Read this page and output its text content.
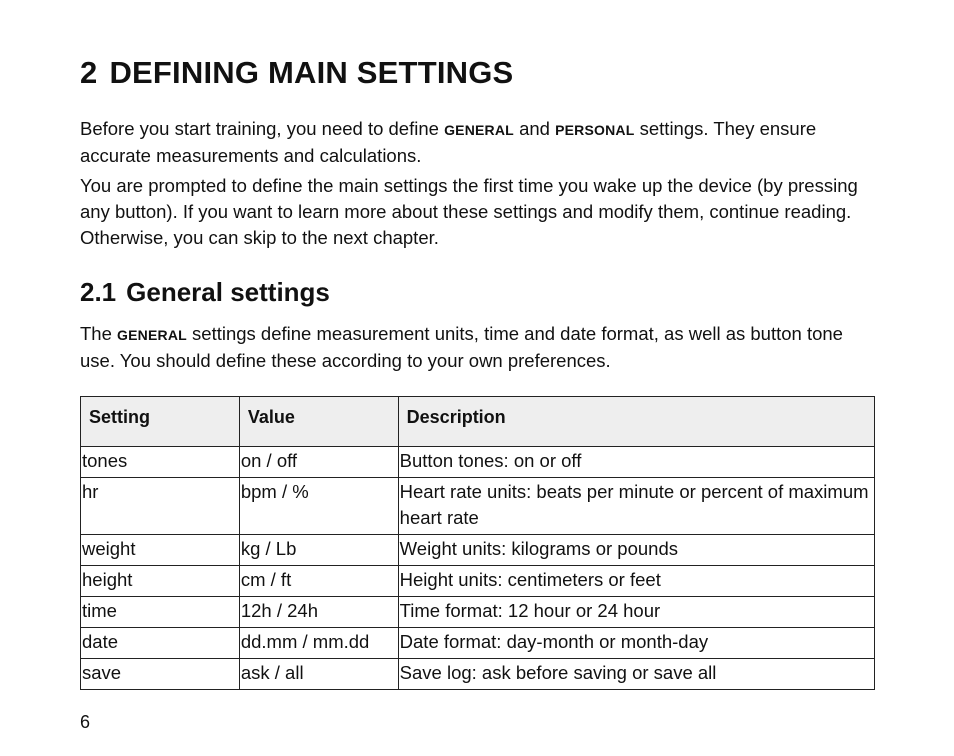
2 DEFINING MAIN SETTINGS

Before you start training, you need to define GENERAL and PERSONAL settings. They ensure accurate measurements and calculations.

You are prompted to define the main settings the first time you wake up the device (by pressing any button). If you want to learn more about these settings and modify them, continue reading. Otherwise, you can skip to the next chapter.

2.1 General settings

The GENERAL settings define measurement units, time and date format, as well as button tone use. You should define these according to your own preferences.

Setting	Value	Description
tones	on / off	Button tones: on or off
hr	bpm / %	Heart rate units: beats per minute or percent of maximum heart rate
weight	kg / Lb	Weight units: kilograms or pounds
height	cm / ft	Height units: centimeters or feet
time	12h / 24h	Time format: 12 hour or 24 hour
date	dd.mm / mm.dd	Date format: day-month or month-day
save	ask / all	Save log: ask before saving or save all
6
